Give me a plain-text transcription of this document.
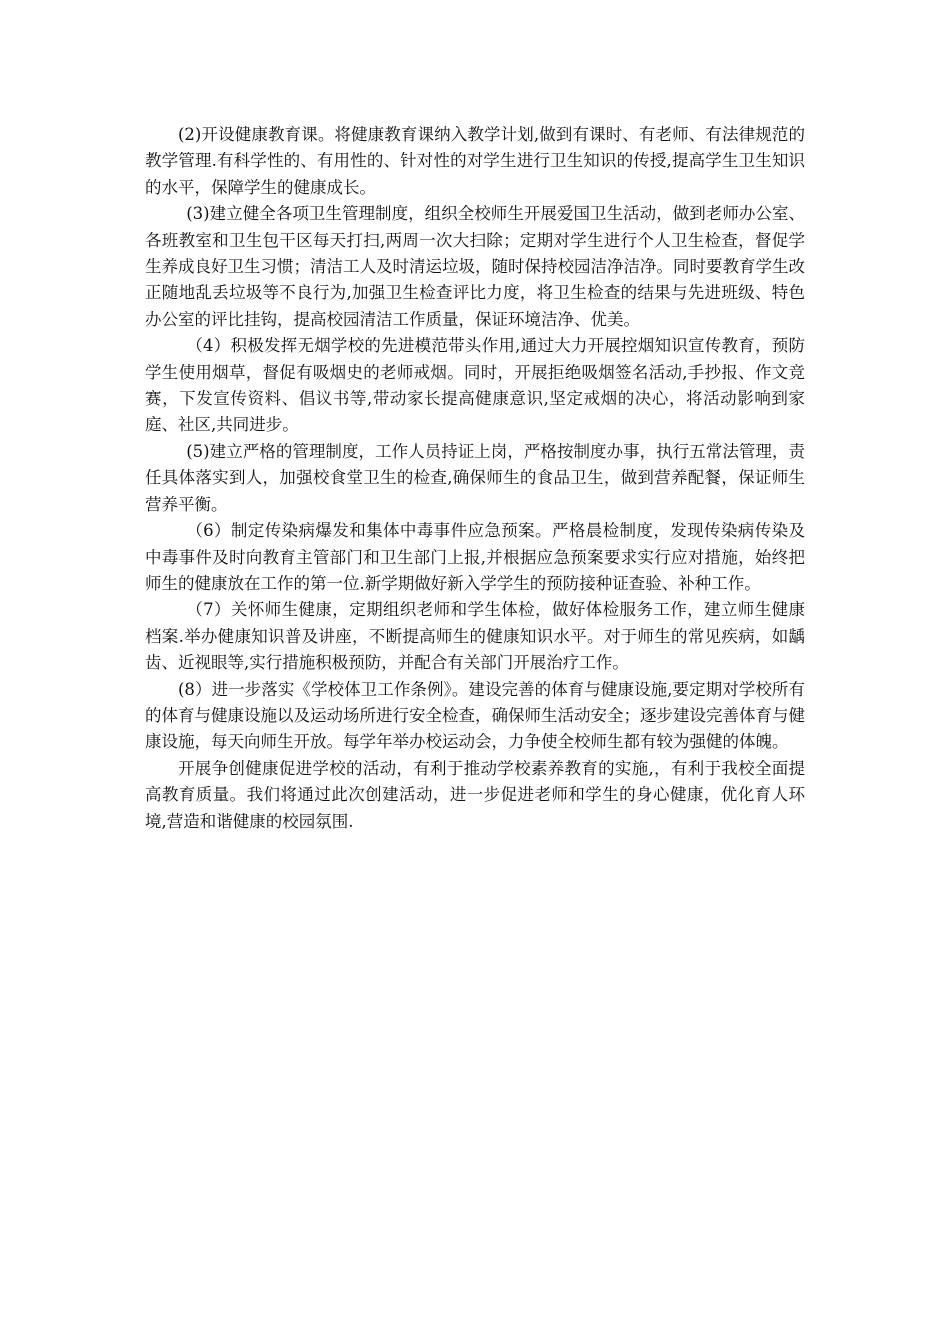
(2)开设健康教育课。将健康教育课纳入教学计划,做到有课时、有老师、有法律规范的教学管理.有科学性的、有用性的、针对性的对学生进行卫生知识的传授,提高学生卫生知识的水平，保障学生的健康成长。

(3)建立健全各项卫生管理制度，组织全校师生开展爱国卫生活动，做到老师办公室、各班教室和卫生包干区每天打扫,两周一次大扫除；定期对学生进行个人卫生检查，督促学生养成良好卫生习惯；清洁工人及时清运垃圾，随时保持校园洁净洁净。同时要教育学生改正随地乱丢垃圾等不良行为,加强卫生检查评比力度，将卫生检查的结果与先进班级、特色办公室的评比挂钩，提高校园清洁工作质量，保证环境洁净、优美。

（4）积极发挥无烟学校的先进模范带头作用,通过大力开展控烟知识宣传教育，预防学生使用烟草，督促有吸烟史的老师戒烟。同时，开展拒绝吸烟签名活动,手抄报、作文竞赛，下发宣传资料、倡议书等,带动家长提高健康意识,坚定戒烟的决心，将活动影响到家庭、社区,共同进步。

(5)建立严格的管理制度，工作人员持证上岗，严格按制度办事，执行五常法管理，责任具体落实到人，加强校食堂卫生的检查,确保师生的食品卫生，做到营养配餐，保证师生营养平衡。

（6）制定传染病爆发和集体中毒事件应急预案。严格晨检制度，发现传染病传染及中毒事件及时向教育主管部门和卫生部门上报,并根据应急预案要求实行应对措施，始终把师生的健康放在工作的第一位.新学期做好新入学学生的预防接种证查验、补种工作。

（7）关怀师生健康，定期组织老师和学生体检，做好体检服务工作，建立师生健康档案.举办健康知识普及讲座，不断提高师生的健康知识水平。对于师生的常见疾病，如龋齿、近视眼等,实行措施积极预防，并配合有关部门开展治疗工作。

(8）进一步落实《学校体卫工作条例》。建设完善的体育与健康设施,要定期对学校所有的体育与健康设施以及运动场所进行安全检查，确保师生活动安全；逐步建设完善体育与健康设施，每天向师生开放。每学年举办校运动会，力争使全校师生都有较为强健的体魄。

开展争创健康促进学校的活动，有利于推动学校素养教育的实施,，有利于我校全面提高教育质量。我们将通过此次创建活动，进一步促进老师和学生的身心健康，优化育人环境,营造和谐健康的校园氛围.
